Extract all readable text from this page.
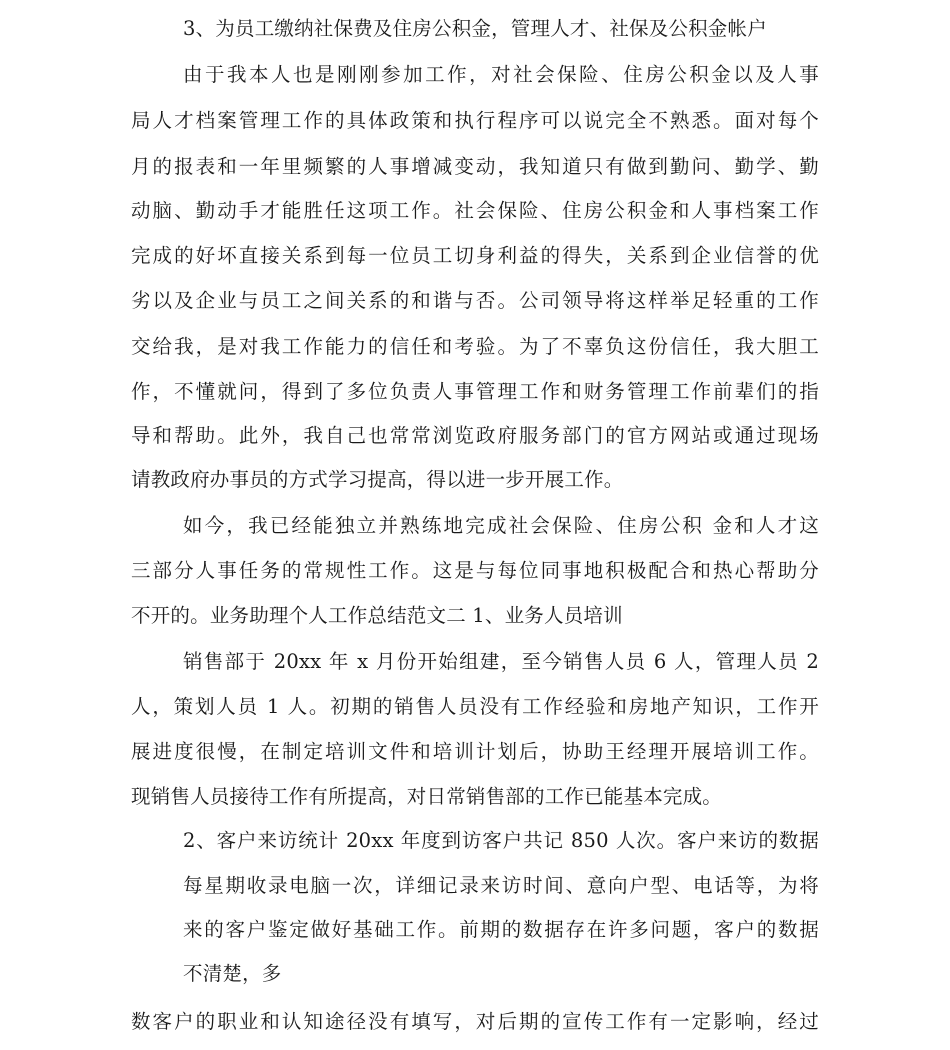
3、为员工缴纳社保费及住房公积金，管理人才、社保及公积金帐户
由于我本人也是刚刚参加工作，对社会保险、住房公积金以及人事
局人才档案管理工作的具体政策和执行程序可以说完全不熟悉。面对每个
月的报表和一年里频繁的人事增减变动，我知道只有做到勤问、勤学、勤
动脑、勤动手才能胜任这项工作。社会保险、住房公积金和人事档案工作
完成的好坏直接关系到每一位员工切身利益的得失，关系到企业信誉的优
劣以及企业与员工之间关系的和谐与否。公司领导将这样举足轻重的工作
交给我，是对我工作能力的信任和考验。为了不辜负这份信任，我大胆工
作，不懂就问，得到了多位负责人事管理工作和财务管理工作前辈们的指
导和帮助。此外，我自己也常常浏览政府服务部门的官方网站或通过现场
请教政府办事员的方式学习提高，得以进一步开展工作。
如今，我已经能独立并熟练地完成社会保险、住房公积 金和人才这
三部分人事任务的常规性工作。这是与每位同事地积极配合和热心帮助分
不开的。业务助理个人工作总结范文二 1、业务人员培训
销售部于 20xx 年 x 月份开始组建，至今销售人员 6 人，管理人员 2
人，策划人员 1 人。初期的销售人员没有工作经验和房地产知识，工作开
展进度很慢，在制定培训文件和培训计划后，协助王经理开展培训工作。
现销售人员接待工作有所提高，对日常销售部的工作已能基本完成。
2、客户来访统计 20xx 年度到访客户共记 850 人次。客户来访的数据
每星期收录电脑一次，详细记录来访时间、意向户型、电话等，为将
来的客户鉴定做好基础工作。前期的数据存在许多问题，客户的数据
不清楚，多
数客户的职业和认知途径没有填写，对后期的宣传工作有一定影响，经过
